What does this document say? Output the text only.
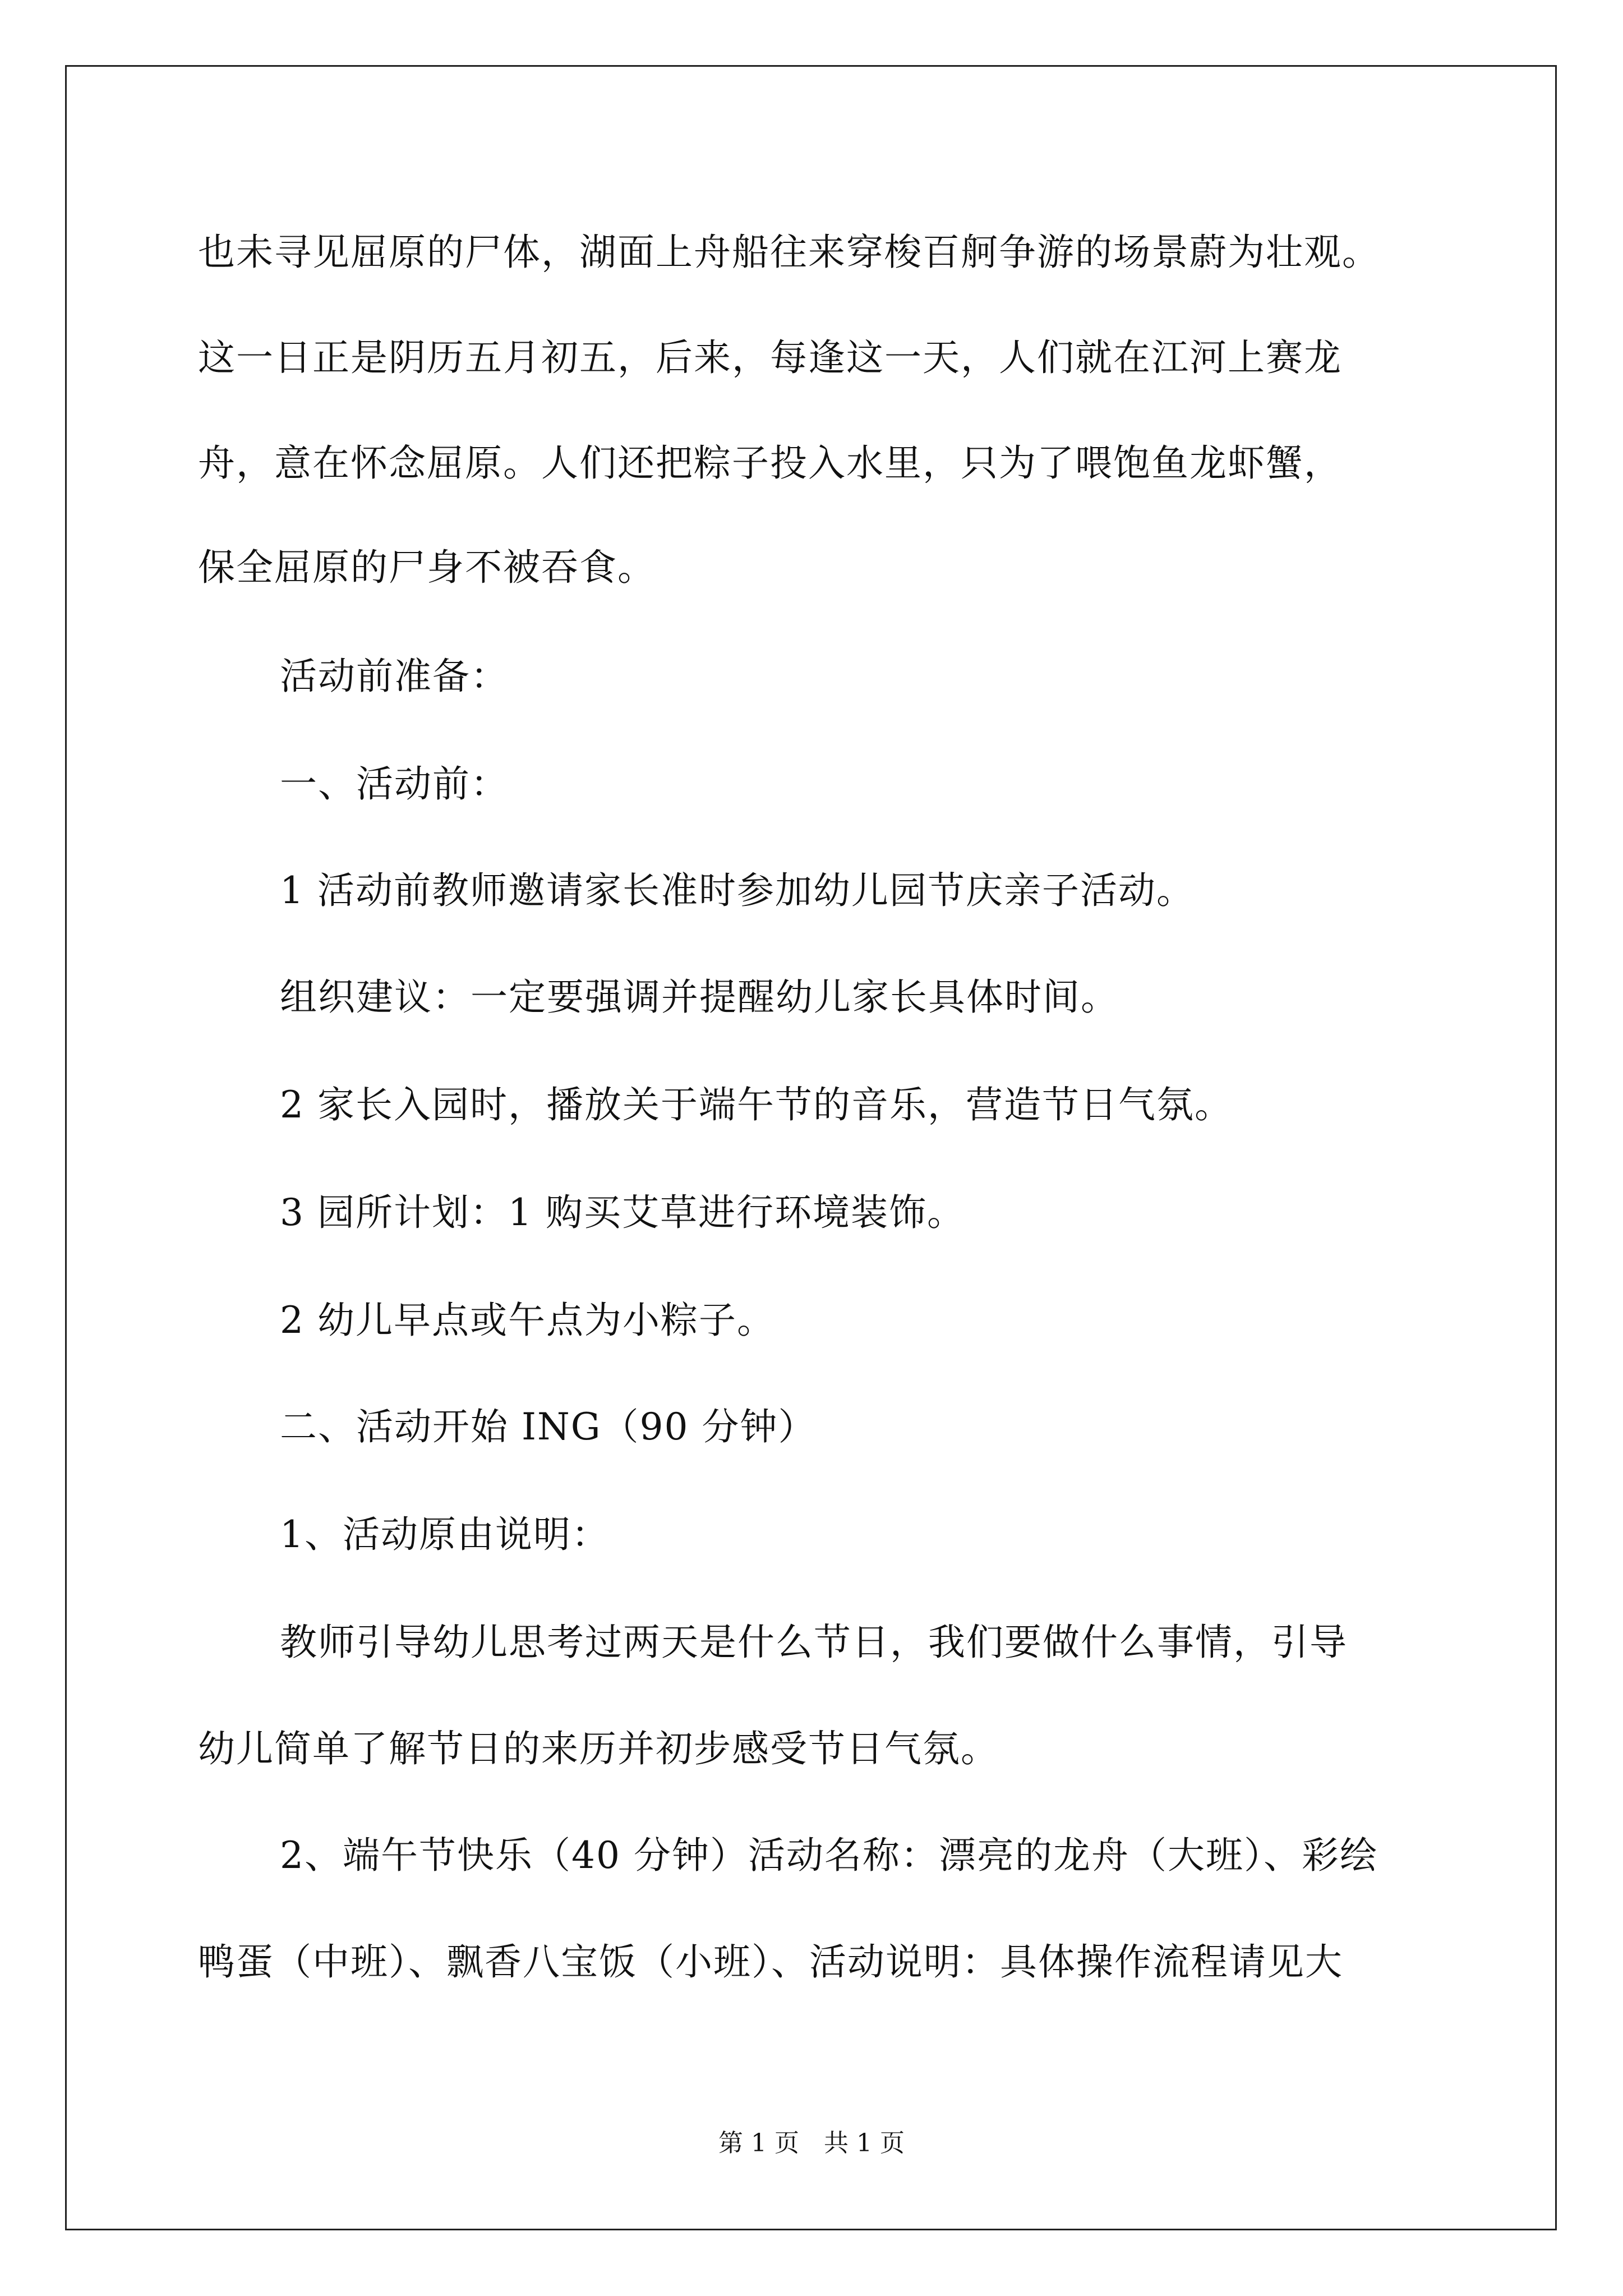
也未寻见屈原的尸体，湖面上舟船往来穿梭百舸争游的场景蔚为壮观。
这一日正是阴历五月初五，后来，每逢这一天，人们就在江河上赛龙
舟，意在怀念屈原。人们还把粽子投入水里，只为了喂饱鱼龙虾蟹，
保全屈原的尸身不被吞食。
活动前准备：
一、活动前：
1 活动前教师邀请家长准时参加幼儿园节庆亲子活动。
组织建议：一定要强调并提醒幼儿家长具体时间。
2 家长入园时，播放关于端午节的音乐，营造节日气氛。
3 园所计划：1 购买艾草进行环境装饰。
2 幼儿早点或午点为小粽子。
二、活动开始 ING（90 分钟）
1、活动原由说明：
教师引导幼儿思考过两天是什么节日，我们要做什么事情，引导
幼儿简单了解节日的来历并初步感受节日气氛。
2、端午节快乐（40 分钟）活动名称：漂亮的龙舟（大班）、彩绘
鸭蛋（中班）、飘香八宝饭（小班）、活动说明：具体操作流程请见大
第 1 页　共 1 页
